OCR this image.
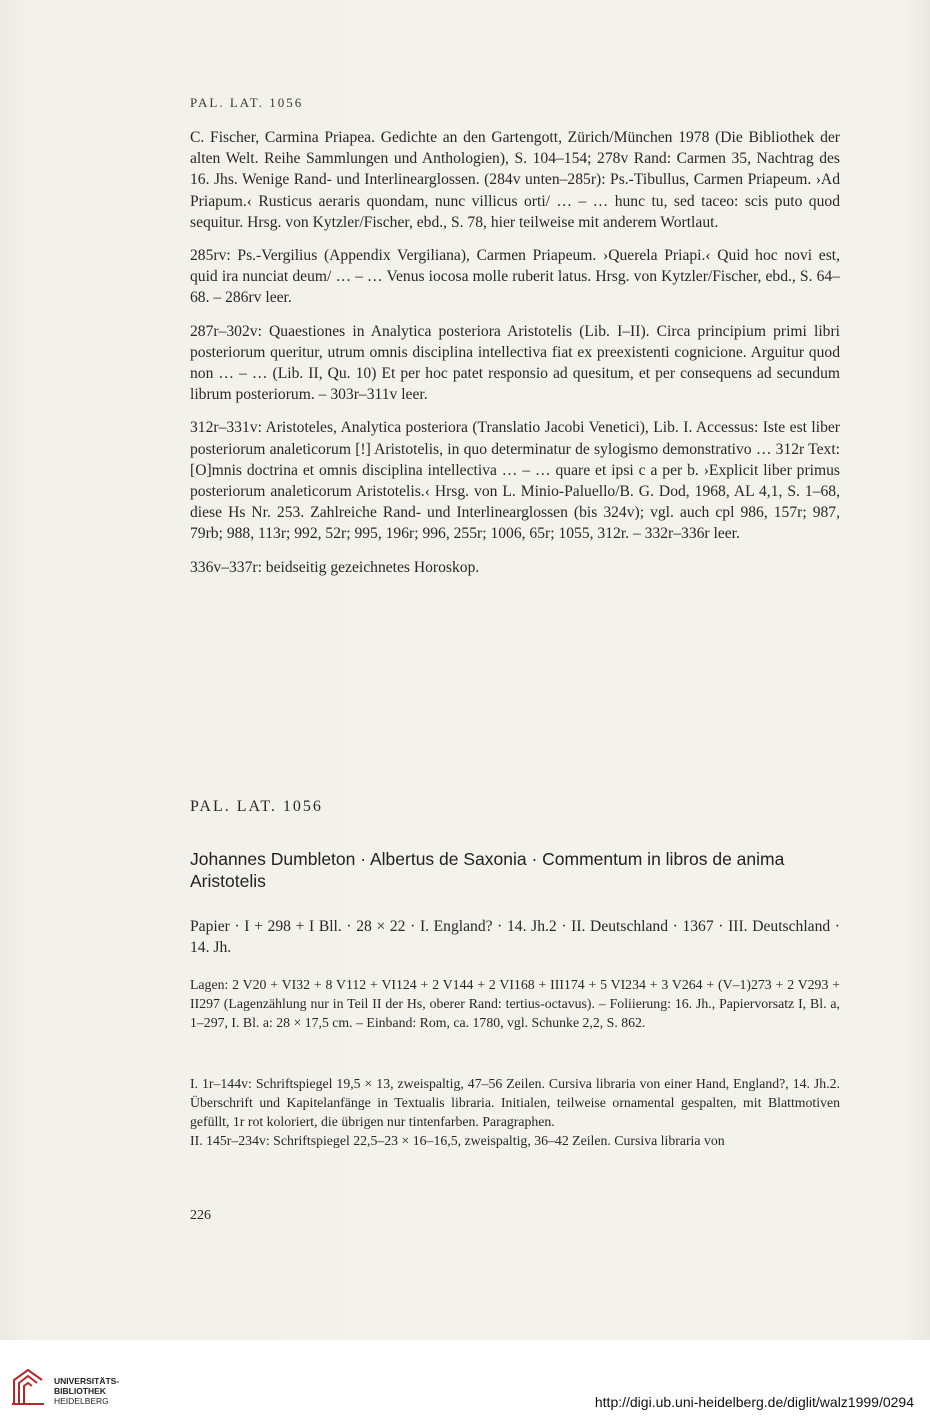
PAL. LAT. 1056

C. Fischer, Carmina Priapea. Gedichte an den Gartengott, Zürich/München 1978 (Die Bibliothek der alten Welt. Reihe Sammlungen und Anthologien), S. 104–154; 278v Rand: Carmen 35, Nachtrag des 16. Jhs. Wenige Rand- und Interlinearglossen. (284v unten–285r): Ps.-Tibullus, Carmen Priapeum. ›Ad Priapum.‹ Rusticus aeraris quondam, nunc villicus orti/ … – … hunc tu, sed taceo: scis puto quod sequitur. Hrsg. von Kytzler/Fischer, ebd., S. 78, hier teilweise mit anderem Wortlaut.

285rv: Ps.-Vergilius (Appendix Vergiliana), Carmen Priapeum. ›Querela Priapi.‹ Quid hoc novi est, quid ira nunciat deum/ … – … Venus iocosa molle ruberit latus. Hrsg. von Kytzler/Fischer, ebd., S. 64–68. – 286rv leer.

287r–302v: Quaestiones in Analytica posteriora Aristotelis (Lib. I–II). Circa principium primi libri posteriorum queritur, utrum omnis disciplina intellectiva fiat ex preexistenti cognicione. Arguitur quod non … – … (Lib. II, Qu. 10) Et per hoc patet responsio ad quesitum, et per consequens ad secundum librum posteriorum. – 303r–311v leer.

312r–331v: Aristoteles, Analytica posteriora (Translatio Jacobi Venetici), Lib. I. Accessus: Iste est liber posteriorum analeticorum [!] Aristotelis, in quo determinatur de sylogismo demonstrativo … 312r Text: [O]mnis doctrina et omnis disciplina intellectiva … – … quare et ipsi c a per b. ›Explicit liber primus posteriorum analeticorum Aristotelis.‹ Hrsg. von L. Minio-Paluello/B. G. Dod, 1968, AL 4,1, S. 1–68, diese Hs Nr. 253. Zahlreiche Rand- und Interlinearglossen (bis 324v); vgl. auch cpl 986, 157r; 987, 79rb; 988, 113r; 992, 52r; 995, 196r; 996, 255r; 1006, 65r; 1055, 312r. – 332r–336r leer.

336v–337r: beidseitig gezeichnetes Horoskop.

PAL. LAT. 1056
Johannes Dumbleton · Albertus de Saxonia · Commentum in libros de anima Aristotelis
Papier · I + 298 + I Bll. · 28 × 22 · I. England? · 14. Jh.2 · II. Deutschland · 1367 · III. Deutschland · 14. Jh.
Lagen: 2 V20 + VI32 + 8 V112 + VI124 + 2 V144 + 2 VI168 + III174 + 5 VI234 + 3 V264 + (V–1)273 + 2 V293 + II297 (Lagenzählung nur in Teil II der Hs, oberer Rand: tertius-octavus). – Foliierung: 16. Jh., Papiervorsatz I, Bl. a, 1–297, I. Bl. a: 28 × 17,5 cm. – Einband: Rom, ca. 1780, vgl. Schunke 2,2, S. 862.

I. 1r–144v: Schriftspiegel 19,5 × 13, zweispaltig, 47–56 Zeilen. Cursiva libraria von einer Hand, England?, 14. Jh.2. Überschrift und Kapitelanfänge in Textualis libraria. Initialen, teilweise ornamental gespalten, mit Blattmotiven gefüllt, 1r rot koloriert, die übrigen nur tintenfarben. Paragraphen.

II. 145r–234v: Schriftspiegel 22,5–23 × 16–16,5, zweispaltig, 36–42 Zeilen. Cursiva libraria von

226
UNIVERSITÄTS-
BIBLIOTHEK
HEIDELBERG	http://digi.ub.uni-heidelberg.de/diglit/walz1999/0294
